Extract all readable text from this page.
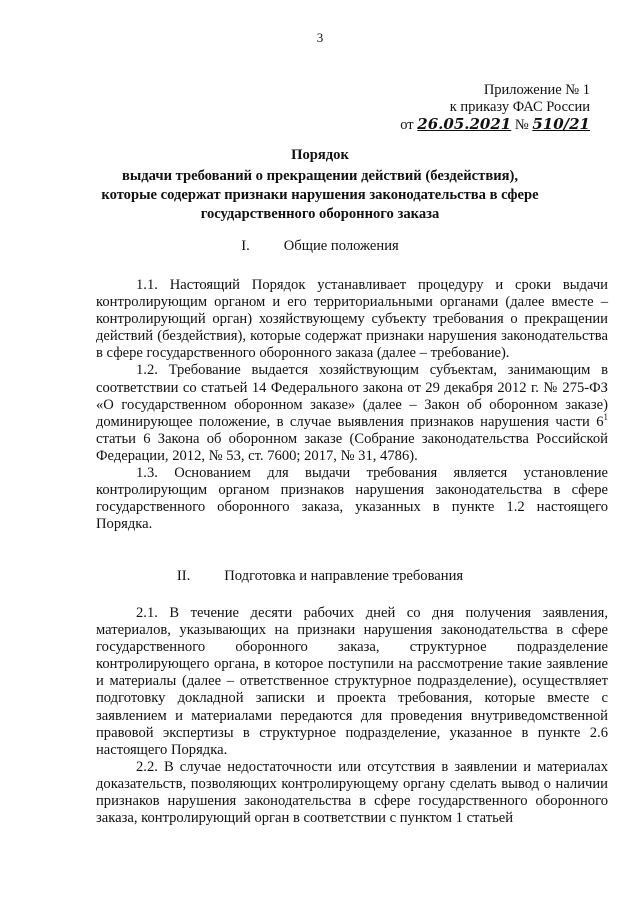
3
Приложение № 1
к приказу ФАС России
от 26.05.2021 № 510/21
Порядок
выдачи требований о прекращении действий (бездействия),
которые содержат признаки нарушения законодательства в сфере
государственного оборонного заказа
I. Общие положения

1.1. Настоящий Порядок устанавливает процедуру и сроки выдачи контролирующим органом и его территориальными органами (далее вместе – контролирующий орган) хозяйствующему субъекту требования о прекращении действий (бездействия), которые содержат признаки нарушения законодательства в сфере государственного оборонного заказа (далее – требование).

1.2. Требование выдается хозяйствующим субъектам, занимающим в соответствии со статьей 14 Федерального закона от 29 декабря 2012 г. № 275-ФЗ «О государственном оборонном заказе» (далее – Закон об оборонном заказе) доминирующее положение, в случае выявления признаков нарушения части $6^1$ статьи 6 Закона об оборонном заказе (Собрание законодательства Российской Федерации, 2012, № 53, ст. 7600; 2017, № 31, 4786).

1.3. Основанием для выдачи требования является установление контролирующим органом признаков нарушения законодательства в сфере государственного оборонного заказа, указанных в пункте 1.2 настоящего Порядка.

II. Подготовка и направление требования

2.1. В течение десяти рабочих дней со дня получения заявления, материалов, указывающих на признаки нарушения законодательства в сфере государственного оборонного заказа, структурное подразделение контролирующего органа, в которое поступили на рассмотрение такие заявление и материалы (далее – ответственное структурное подразделение), осуществляет подготовку докладной записки и проекта требования, которые вместе с заявлением и материалами передаются для проведения внутриведомственной правовой экспертизы в структурное подразделение, указанное в пункте 2.6 настоящего Порядка.

2.2. В случае недостаточности или отсутствия в заявлении и материалах доказательств, позволяющих контролирующему органу сделать вывод о наличии признаков нарушения законодательства в сфере государственного оборонного заказа, контролирующий орган в соответствии с пунктом 1 статьей
